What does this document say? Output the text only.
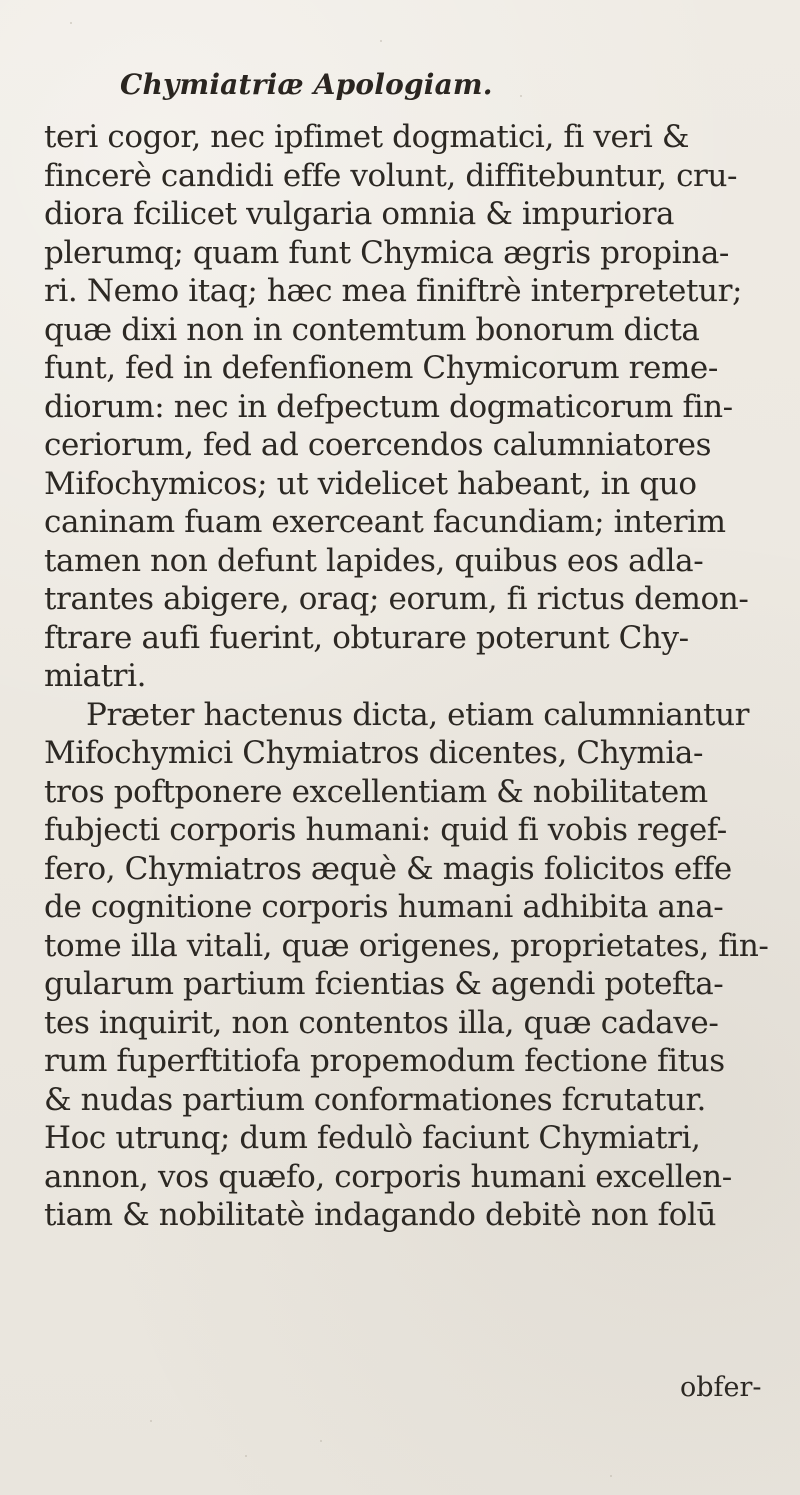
Chymiatriæ Apologiam.
teri cogor, nec ipfimet dogmatici, fi veri &
fincerè candidi effe volunt, diffitebuntur, cru-
diora fcilicet vulgaria omnia & impuriora
plerumq; quam funt Chymica ægris propina-
ri. Nemo itaq; hæc mea finiftrè interpretetur;
quæ dixi non in contemtum bonorum dicta
funt, fed in defenfionem Chymicorum reme-
diorum: nec in defpectum dogmaticorum fin-
ceriorum, fed ad coercendos calumniatores
Mifochymicos; ut videlicet habeant, in quo
caninam fuam exerceant facundiam; interim
tamen non defunt lapides, quibus eos adla-
trantes abigere, oraq; eorum, fi rictus demon-
ftrare aufi fuerint, obturare poterunt Chy-
miatri.
Præter hactenus dicta, etiam calumniantur
Mifochymici Chymiatros dicentes, Chymia-
tros poftponere excellentiam & nobilitatem
fubjecti corporis humani: quid fi vobis regef-
fero, Chymiatros æquè & magis folicitos effe
de cognitione corporis humani adhibita ana-
tome illa vitali, quæ origenes, proprietates, fin-
gularum partium fcientias & agendi potefta-
tes inquirit, non contentos illa, quæ cadave-
rum fuperftitiofa propemodum fectione fitus
& nudas partium conformationes fcrutatur.
Hoc utrunq; dum fedulò faciunt Chymiatri,
annon, vos quæfo, corporis humani excellen-
tiam & nobilitatè indagando debitè non folū
obfer-
